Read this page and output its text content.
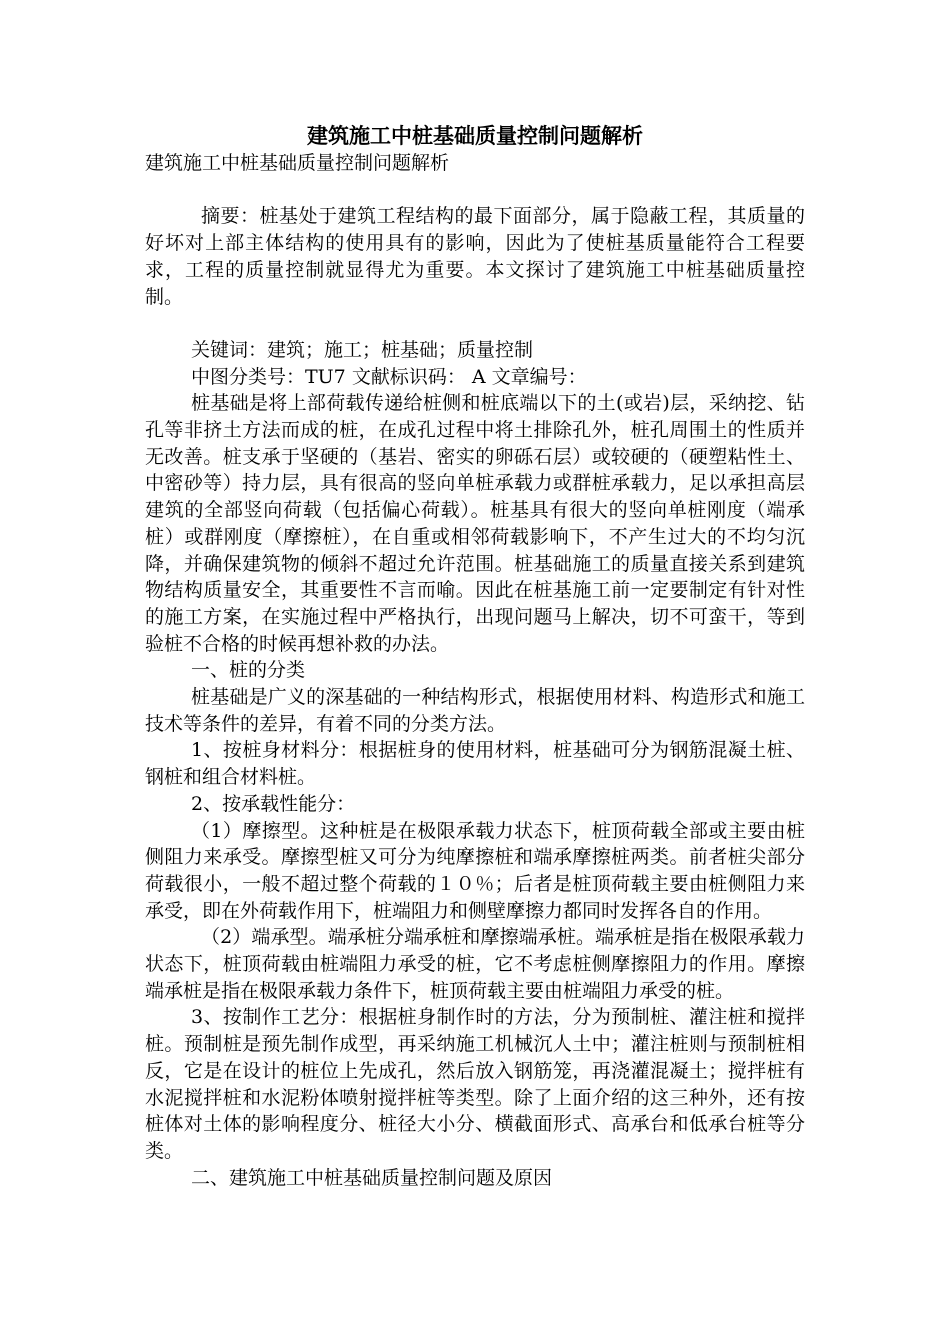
建筑施工中桩基础质量控制问题解析

建筑施工中桩基础质量控制问题解析

摘要：桩基处于建筑工程结构的最下面部分，属于隐蔽工程，其质量的好坏对上部主体结构的使用具有的影响，因此为了使桩基质量能符合工程要求，工程的质量控制就显得尤为重要。本文探讨了建筑施工中桩基础质量控制。

关键词：建筑；施工；桩基础；质量控制

中图分类号：TU7 文献标识码： A 文章编号：

桩基础是将上部荷载传递给桩侧和桩底端以下的土(或岩)层，采纳挖、钻孔等非挤土方法而成的桩，在成孔过程中将土排除孔外，桩孔周围土的性质并无改善。桩支承于坚硬的（基岩、密实的卵砾石层）或较硬的（硬塑粘性土、中密砂等）持力层，具有很高的竖向单桩承载力或群桩承载力，足以承担高层建筑的全部竖向荷载（包括偏心荷载）。桩基具有很大的竖向单桩刚度（端承桩）或群刚度（摩擦桩），在自重或相邻荷载影响下，不产生过大的不均匀沉降，并确保建筑物的倾斜不超过允许范围。桩基础施工的质量直接关系到建筑物结构质量安全，其重要性不言而喻。因此在桩基施工前一定要制定有针对性的施工方案，在实施过程中严格执行，出现问题马上解决，切不可蛮干，等到验桩不合格的时候再想补救的办法。

一、桩的分类

桩基础是广义的深基础的一种结构形式，根据使用材料、构造形式和施工技术等条件的差异，有着不同的分类方法。

1、按桩身材料分：根据桩身的使用材料，桩基础可分为钢筋混凝土桩、钢桩和组合材料桩。

2、按承载性能分：

（1）摩擦型。这种桩是在极限承载力状态下，桩顶荷载全部或主要由桩侧阻力来承受。摩擦型桩又可分为纯摩擦桩和端承摩擦桩两类。前者桩尖部分荷载很小，一般不超过整个荷载的１０％；后者是桩顶荷载主要由桩侧阻力来承受，即在外荷载作用下，桩端阻力和侧壁摩擦力都同时发挥各自的作用。

（2）端承型。端承桩分端承桩和摩擦端承桩。端承桩是指在极限承载力状态下，桩顶荷载由桩端阻力承受的桩，它不考虑桩侧摩擦阻力的作用。摩擦端承桩是指在极限承载力条件下，桩顶荷载主要由桩端阻力承受的桩。

3、按制作工艺分：根据桩身制作时的方法，分为预制桩、灌注桩和搅拌桩。预制桩是预先制作成型，再采纳施工机械沉人土中；灌注桩则与预制桩相反，它是在设计的桩位上先成孔，然后放入钢筋笼，再浇灌混凝土；搅拌桩有水泥搅拌桩和水泥粉体喷射搅拌桩等类型。除了上面介绍的这三种外，还有按桩体对土体的影响程度分、桩径大小分、横截面形式、高承台和低承台桩等分类。

二、建筑施工中桩基础质量控制问题及原因
